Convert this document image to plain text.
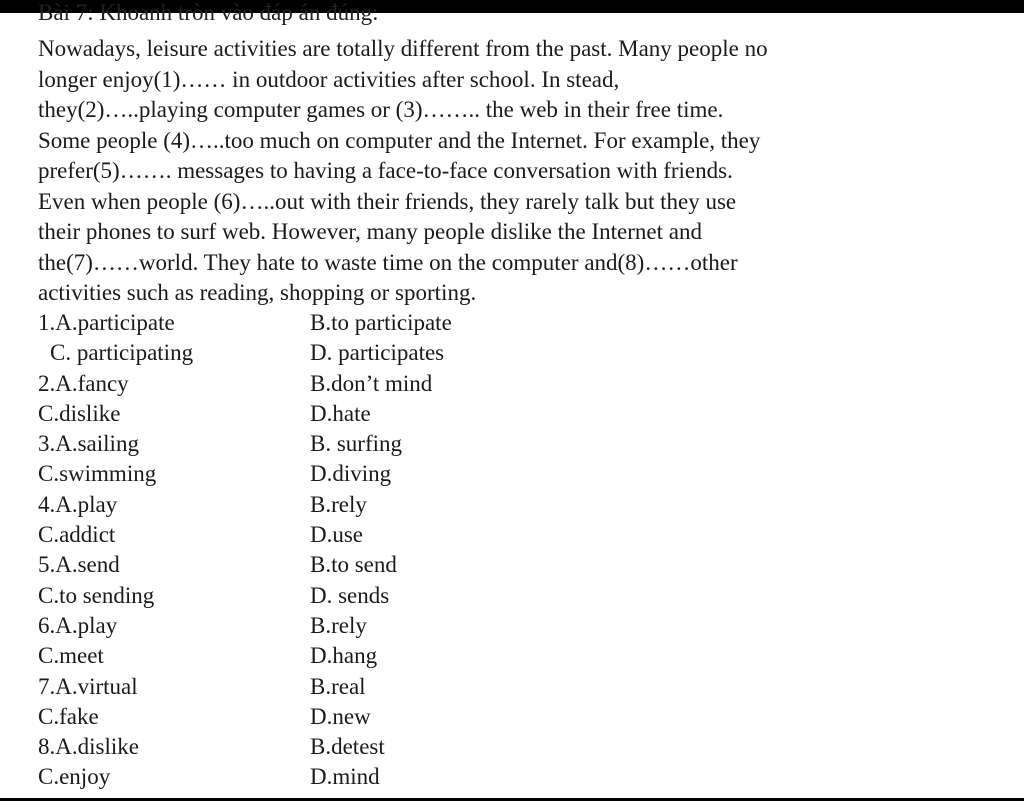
Bài 7: Khoanh tròn vào đáp án đúng:
Nowadays, leisure activities are totally different from the past. Many people no
longer enjoy(1)…… in outdoor activities after school. In stead,
they(2)…..playing computer games or (3)…….. the web in their free time.
Some people (4)…..too much on computer and the Internet. For example, they
prefer(5)……. messages to having a face-to-face conversation with friends.
Even when people (6)…..out with their friends, they rarely talk but they use
their phones to surf web. However, many people dislike the Internet and
the(7)……world. They hate to waste time on the computer and(8)……other
activities such as reading, shopping or sporting.
1.A.participate	B.to participate
C. participating	D. participates
2.A.fancy	B.don’t mind
C.dislike	D.hate
3.A.sailing	B. surfing
C.swimming	D.diving
4.A.play	B.rely
C.addict	D.use
5.A.send	B.to send
C.to sending	D. sends
6.A.play	B.rely
C.meet	D.hang
7.A.virtual	B.real
C.fake	D.new
8.A.dislike	B.detest
C.enjoy	D.mind
